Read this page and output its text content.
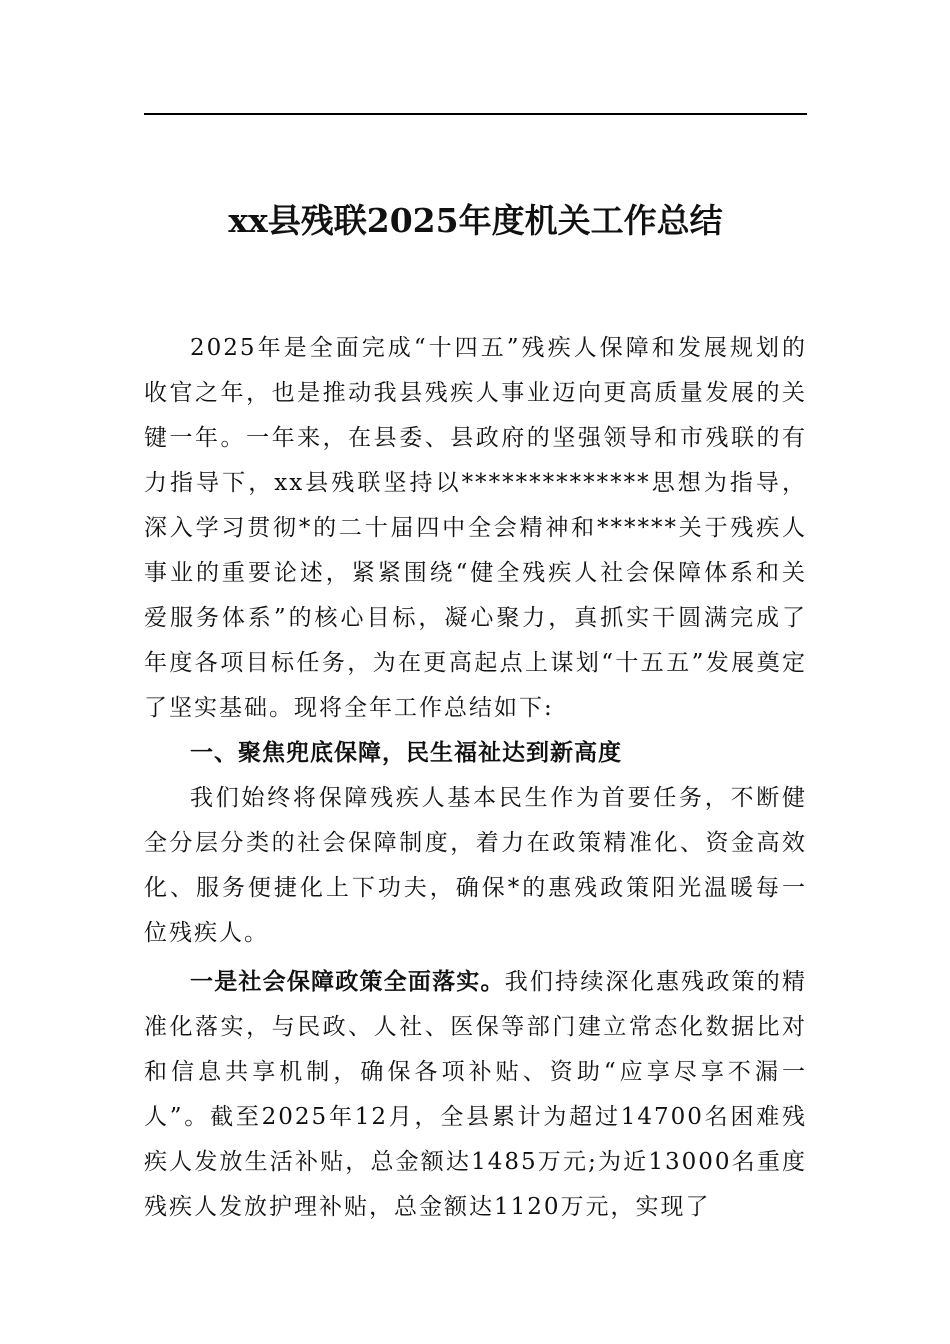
xx县残联2025年度机关工作总结

2025年是全面完成“十四五”残疾人保障和发展规划的收官之年，也是推动我县残疾人事业迈向更高质量发展的关键一年。一年来，在县委、县政府的坚强领导和市残联的有力指导下，xx县残联坚持以**************思想为指导，深入学习贯彻*的二十届四中全会精神和******关于残疾人事业的重要论述，紧紧围绕“健全残疾人社会保障体系和关爱服务体系”的核心目标，凝心聚力，真抓实干圆满完成了年度各项目标任务，为在更高起点上谋划“十五五”发展奠定了坚实基础。现将全年工作总结如下:

一、聚焦兜底保障，民生福祉达到新高度

我们始终将保障残疾人基本民生作为首要任务，不断健全分层分类的社会保障制度，着力在政策精准化、资金高效化、服务便捷化上下功夫，确保*的惠残政策阳光温暖每一位残疾人。

一是社会保障政策全面落实。我们持续深化惠残政策的精准化落实，与民政、人社、医保等部门建立常态化数据比对和信息共享机制，确保各项补贴、资助“应享尽享不漏一人”。截至2025年12月，全县累计为超过14700名困难残疾人发放生活补贴，总金额达1485万元;为近13000名重度残疾人发放护理补贴，总金额达1120万元，实现了
